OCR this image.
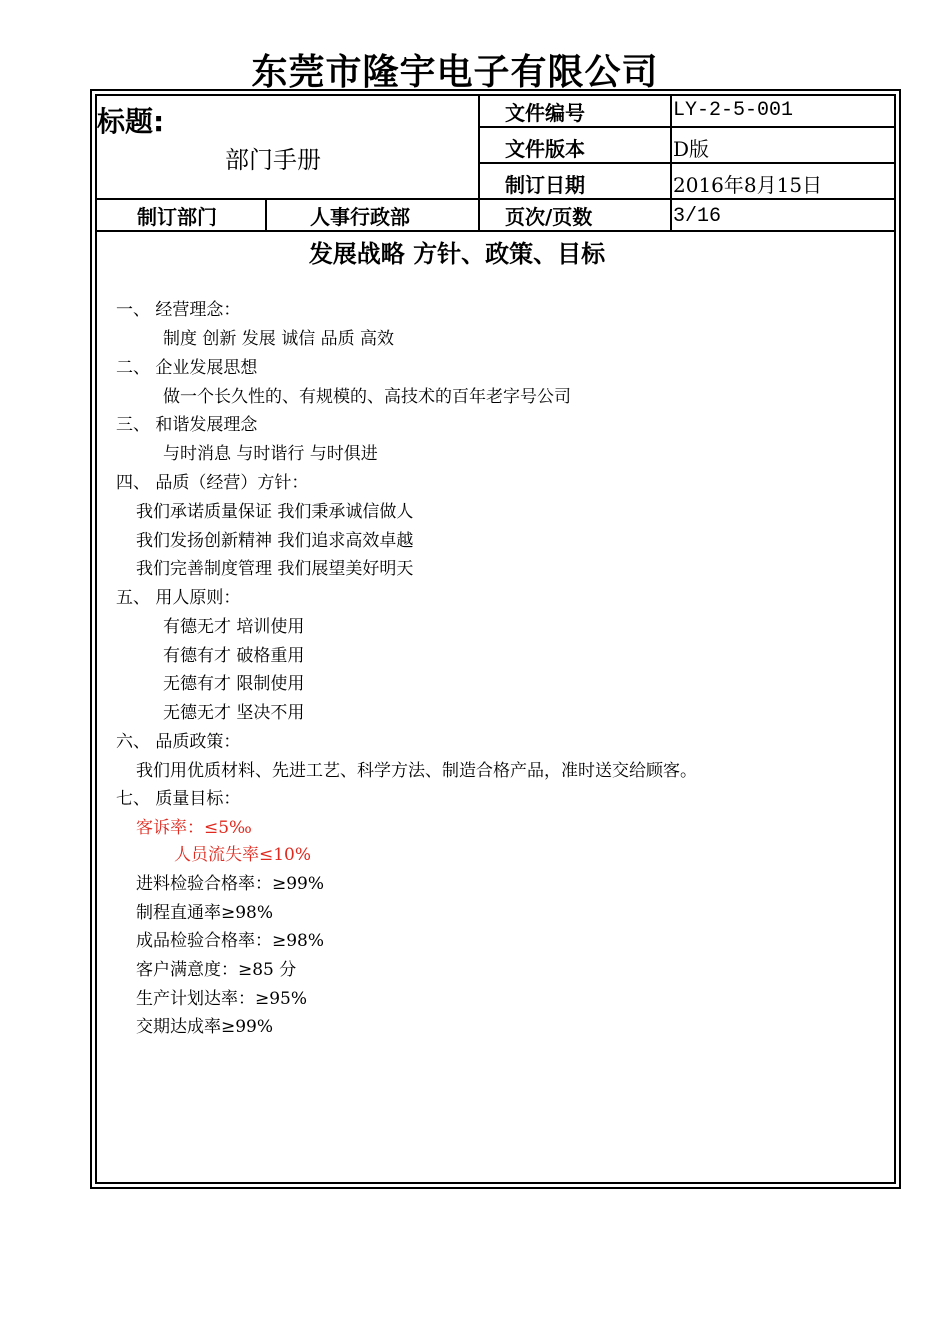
东莞市隆宇电子有限公司
标题:
部门手册
文件编号	LY-2-5-001
文件版本	D版
制订日期	2016年8月15日
制订部门	人事行政部	页次/页数	3/16
发展战略 方针、政策、目标
一、 经营理念：
制度 创新 发展 诚信 品质 高效
二、 企业发展思想
做一个长久性的、有规模的、高技术的百年老字号公司
三、 和谐发展理念
与时消息 与时谐行 与时俱进
四、 品质（经营）方针：
我们承诺质量保证 我们秉承诚信做人
我们发扬创新精神 我们追求高效卓越
我们完善制度管理 我们展望美好明天
五、 用人原则：
有德无才 培训使用
有德有才 破格重用
无德有才 限制使用
无德无才 坚决不用
六、 品质政策：
我们用优质材料、先进工艺、科学方法、制造合格产品，准时送交给顾客。
七、 质量目标：
客诉率：≤5‰
人员流失率≤10%
进料检验合格率：≥99%
制程直通率≥98%
成品检验合格率：≥98%
客户满意度：≥85 分
生产计划达率：≥95%
交期达成率≥99%
